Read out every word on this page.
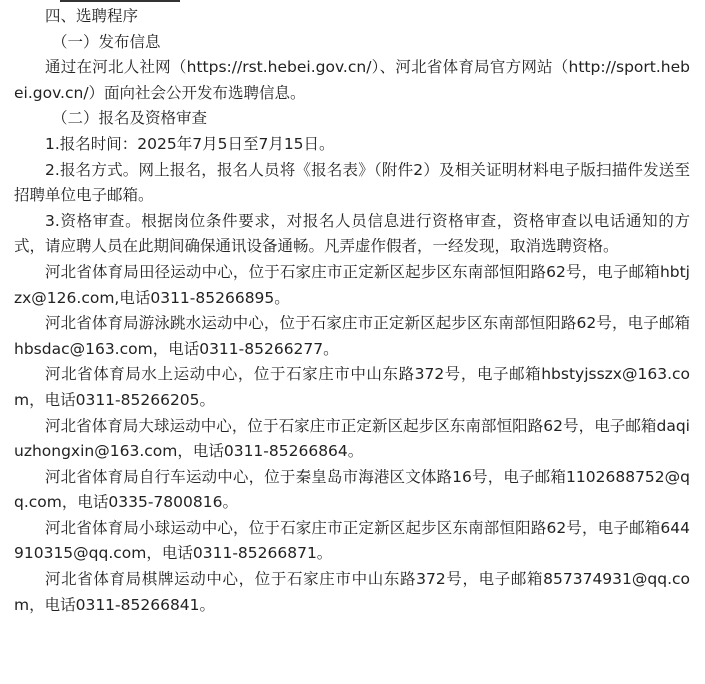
四、选聘程序

（一）发布信息

通过在河北人社网（https://rst.hebei.gov.cn/）、河北省体育局官方网站（http://sport.hebei.gov.cn/）面向社会公开发布选聘信息。

（二）报名及资格审查

1.报名时间：2025年7月5日至7月15日。

2.报名方式。网上报名，报名人员将《报名表》（附件2）及相关证明材料电子版扫描件发送至招聘单位电子邮箱。

3.资格审查。根据岗位条件要求，对报名人员信息进行资格审查，资格审查以电话通知的方式，请应聘人员在此期间确保通讯设备通畅。凡弄虚作假者，一经发现，取消选聘资格。

河北省体育局田径运动中心，位于石家庄市正定新区起步区东南部恒阳路62号，电子邮箱hbtjzx@126.com,电话0311-85266895。

河北省体育局游泳跳水运动中心，位于石家庄市正定新区起步区东南部恒阳路62号，电子邮箱hbsdac@163.com，电话0311-85266277。

河北省体育局水上运动中心，位于石家庄市中山东路372号，电子邮箱hbstyjsszx@163.com，电话0311-85266205。

河北省体育局大球运动中心，位于石家庄市正定新区起步区东南部恒阳路62号，电子邮箱daqiuzhongxin@163.com，电话0311-85266864。

河北省体育局自行车运动中心，位于秦皇岛市海港区文体路16号，电子邮箱1102688752@qq.com，电话0335-7800816。

河北省体育局小球运动中心，位于石家庄市正定新区起步区东南部恒阳路62号，电子邮箱644910315@qq.com，电话0311-85266871。

河北省体育局棋牌运动中心，位于石家庄市中山东路372号，电子邮箱857374931@qq.com，电话0311-85266841。
